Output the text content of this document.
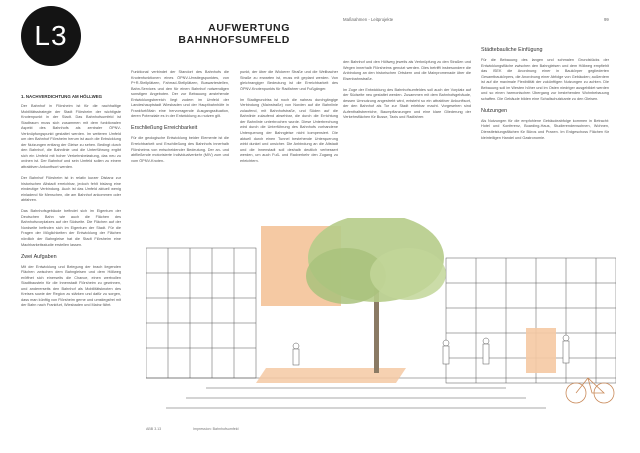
L3	AUFWERTUNG
BAHNHOFSUMFELD
Maßnahmen - Leitprojekte	99
1. NACHVERDICHTUNG AM HÖLLWEG

Der Bahnhof in Flörsheim ist für die nachhaltige Mobilitätsstrategie der Stadt Flörsheim der wichtigste Knotenpunkt in der Stadt. Das Bahnhofsumfeld ist Stadtraum muss sich zusammen mit dem funktionalen Aspekt des Bahnhofs als zentraler ÖPNV-Verknüpfungspunkt gestaltet werden. Im weiteren Umfeld um den Bahnhof Flörsheim herum ist auch die Entwicklung der Nutzungen entlang der Gleise zu sehen. Bedingt durch den Bahnhof, die Bahnlinie und die Unterführung ergibt sich ein Umfeld mit hoher Verkehrsbelastung, das neu zu ordnen ist. Der Bahnhof und sein Umfeld sollen zu einem attraktiven Ankunftsort werden.

Der Bahnhof Flörsheim ist in relativ kurzer Distanz zur historischen Altstadt erreichbar, jedoch fehlt bislang eine eindeutige Verbindung. Auch ist das Umfeld aktuell wenig einladend für Menschen, die am Bahnhof ankommen oder abfahren.

Das Bahnhofsgebäude befindet sich im Eigentum der Deutschen Bahn wie auch die Flächen des Bahnhofsvorplatzes auf der Südseite. Die Flächen auf der Nordseite befinden sich im Eigentum der Stadt. Für die Fragen der Möglichkeiten der Entwicklung der Flächen nördlich der Bahngleise hat die Stadt Flörsheim eine Machbarkeitsstudie erstellen lassen.

Zwei Aufgaben

Mit der Entwicklung und Belegung der brach liegenden Flächen zwischen dem Bahngleisen und dem Höllweg eröffnet sich einerseits die Chance, einen wertvollen Stadtbaustein für die Innenstadt Flörsheim zu gewinnen, und andererseits den Bahnhof als Mobilitätsknoten des Kreises sowie der Region zu stärken und dafür zu sorgen, dass man künftig von Flörsheim gerne und umstiegsfrei mit der Bahn nach Frankfurt, Wiesbaden und Mainz fährt.

Funktional verbindet der Standort des Bahnhofs die Knotenfunktionen eines ÖPNV-Umstiegspunktes, von P+R-Stellplätzen, Fahrrad-Stellplätzen, Buswartestellen, Bahn-Services und den für einen Bahnhof notwendigen sonstigen Angeboten. Der zur Bebauung anstehende Entwicklungsbereich liegt zudem im Umfeld der Landeshauptstadt Wiesbaden und der Hauptbahnhöfe in Frankfurt/Main eine hervorragende Ausgangssituation, deren Potenziale es in der Entwicklung zu nutzen gilt.

Erschließung Erreichbarkeit

Für die geologische Entwicklung beider Elemente ist die Erreichbarkeit und Erschließung des Bahnhofs innerhalb Flörsheims von entscheidender Bedeutung. Der an- und abfließende motorisierte Individualverkehr (MIV) zum und vom ÖPNV-Knoten-

punkt, der über die Wickerer Straße und die Weilbacher Straße zu erwarten ist, muss mit geplant werden. Von gleichrangiger Bedeutung ist die Erreichbarkeit des ÖPNV-Knotenpunkts für Radfahrer und Fußgänger.

Im Stadtgrundriss ist noch die nahezu durchgängige Verbindung (Mainstraße) von Norden auf die Bahnlinie zulaufend, mit Bahnhofstraße, und Süden auf die Bahnlinie zulaufend absehbar, die durch die Errichtung der Bahnlinie unterbrochen wurde. Diese Unterbrechung wird durch die Unterführung des Bahnhofs vorhandene Unterquerung der Bahngleise nicht kompensiert. Die aktuell durch einen Tunnel bestehende Unterquerung wirkt dunkel und unsicher. Die Anbindung an die Altstadt und die Innenstadt soll deshalb deutlich verbessert werden, um auch Fuß- und Radverkehr den Zugang zu erleichtern.

den Bahnhof und den Höllweg jeweils als Verknüpfung zu den Straßen und Wegen innerhalb Flörsheims genutzt werden. Dies betrifft insbesondere die Anbindung an den historischen Ortskern und die Mainpromenade über die Eisenbahnstraße.

Im Zuge der Entwicklung des Bahnhofsumfeldes soll auch der Vorplatz auf der Südseite neu gestaltet werden. Zusammen mit dem Bahnhofsgebäude, dessen Umnutzung angestrebt wird, entsteht so ein attraktiver Ankunftsort, der den Bahnhof als Tor zur Stadt erlebbar macht. Vorgesehen sind Aufenthaltsbereiche, Baumpflanzungen und eine klare Gliederung der Verkehrsflächen für Busse, Taxis und Radfahrer.

Städtebauliche Einfügung

Für die Bebauung des langen und schmalen Grundstücks der Entwicklungsfläche zwischen den Bahngleisen und dem Höllweg empfiehlt das ISEK die Anordnung einer in Baukörper gegliederten Gesamtbaukörpers, die Anordnung einer Abfolge von Gebäuden; außerdem ist auf die maximale Flexibilität der zukünftigen Nutzungen zu achten. Die Bebauung soll im Westen höher und im Osten niedriger ausgebildet werden und so einen harmonischen Übergang zur bestehenden Wohnbebauung schaffen. Die Gebäude bilden eine Schallschutzkante zu den Gleisen.

Nutzungen

Als Nutzungen für die empfohlene Gebäudeabfolge kommen in Betracht: Hotel und Konferenz, Boarding-Haus, Studierendenwohnen, Wohnen, Dienstleistungsflächen für Büros und Praxen. Im Erdgeschoss Flächen für kleinteiligen Handel und Gastronomie.

ABB 3.13	Impression: Bahnhofsumfeld
